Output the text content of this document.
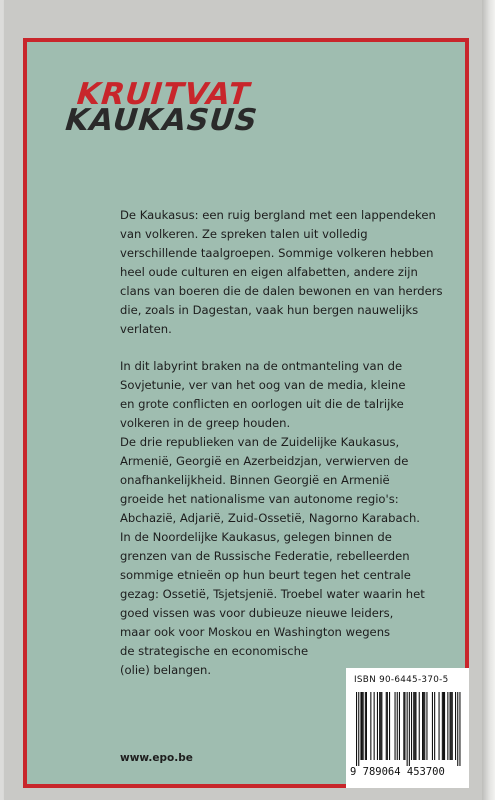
KRUITVAT
KAUKASUS

De Kaukasus: een ruig bergland met een lappendeken
van volkeren. Ze spreken talen uit volledig
verschillende taalgroepen. Sommige volkeren hebben
heel oude culturen en eigen alfabetten, andere zijn
clans van boeren die de dalen bewonen en van herders
die, zoals in Dagestan, vaak hun bergen nauwelijks
verlaten.

In dit labyrint braken na de ontmanteling van de
Sovjetunie, ver van het oog van de media, kleine
en grote conflicten en oorlogen uit die de talrijke
volkeren in de greep houden.

De drie republieken van de Zuidelijke Kaukasus,
Armenië, Georgië en Azerbeidzjan, verwierven de
onafhankelijkheid. Binnen Georgië en Armenië
groeide het nationalisme van autonome regio's:
Abchazië, Adjarië, Zuid-Ossetië, Nagorno Karabach.
In de Noordelijke Kaukasus, gelegen binnen de
grenzen van de Russische Federatie, rebelleerden
sommige etnieën op hun beurt tegen het centrale
gezag: Ossetië, Tsjetsjenië. Troebel water waarin het
goed vissen was voor dubieuze nieuwe leiders,
maar ook voor Moskou en Washington wegens
de strategische en economische
(olie) belangen.

ISBN 90-6445-370-5
9 789064 453700
www.epo.be
